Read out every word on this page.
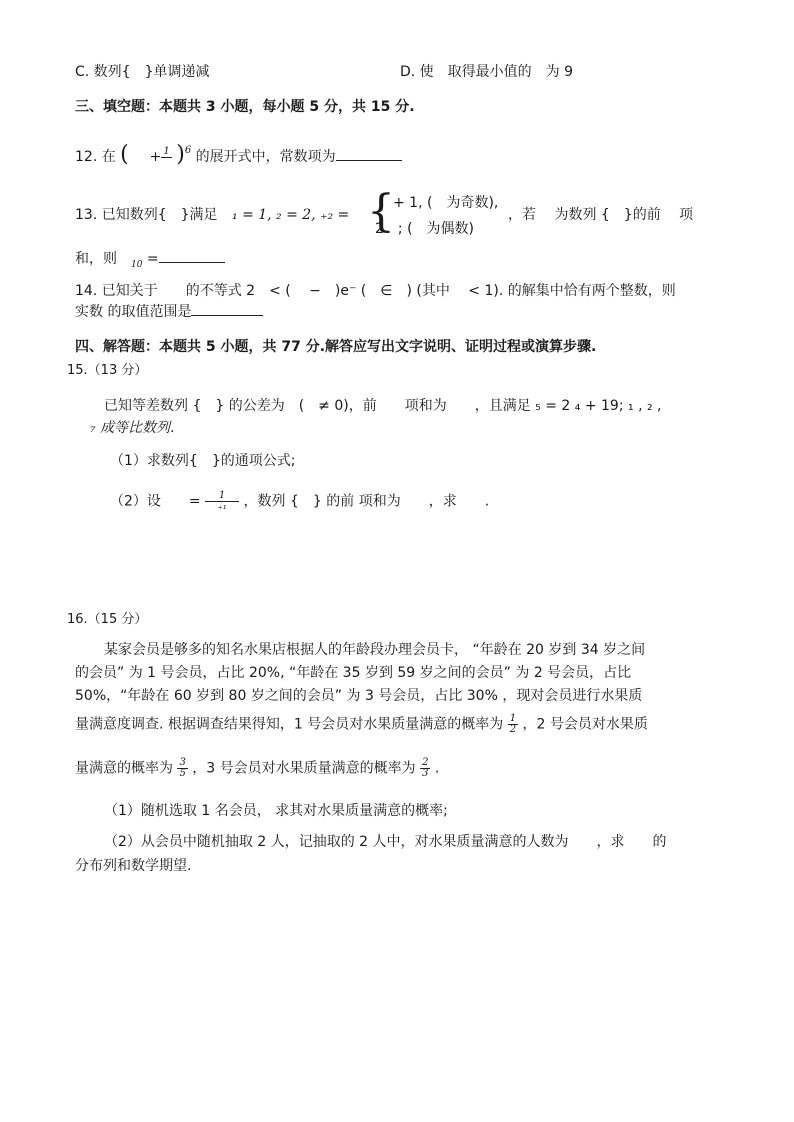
C. 数列{　}单调递减	D. 使　取得最小值的　为 9
三、填空题：本题共 3 小题，每小题 5 分，共 15 分.
12. 在 ( + 1
)$^6$ 的展开式中，常数项为
13. 已知数列{　}满足 ₁ = 1, ₂ = 2, ₊₂ = {
+ 1, (　为奇数),
2　; (　为偶数)
，若　 为数列 {　}的前　 项
和，则 $_{10}$ =
14. 已知关于　　的不等式 2　< (　 −　)e⁻ (　∈　) (其中　 < 1). 的解集中恰有两个整数，则
实数 的取值范围是
四、解答题：本题共 5 小题，共 77 分.解答应写出文字说明、证明过程或演算步骤.
15.（13 分）
已知等差数列 {　} 的公差为　(　≠ 0)，前　　项和为　　，且满足 ₅ = 2 ₄ + 19; ₁ , ₂ ,
₇ 成等比数列.
（1）求数列{　}的通项公式;
（2）设　　= $\frac{1}{\text{₊₁}}$ ，数列 {　} 的前 项和为　　，求　　.
16.（15 分）
某家会员是够多的知名水果店根据人的年龄段办理会员卡， “年龄在 20 岁到 34 岁之间
的会员” 为 1 号会员，占比 20%, “年龄在 35 岁到 59 岁之间的会员” 为 2 号会员，占比
50%，“年龄在 60 岁到 80 岁之间的会员” 为 3 号会员，占比 30% ，现对会员进行水果质
量满意度调查. 根据调查结果得知，1 号会员对水果质量满意的概率为 $\frac{1}{2}$ ，2 号会员对水果质
量满意的概率为 $\frac{3}{5}$ ，3 号会员对水果质量满意的概率为 $\frac{2}{3}$ .
（1）随机选取 1 名会员， 求其对水果质量满意的概率;
（2）从会员中随机抽取 2 人，记抽取的 2 人中，对水果质量满意的人数为　　，求　　的
分布列和数学期望.
